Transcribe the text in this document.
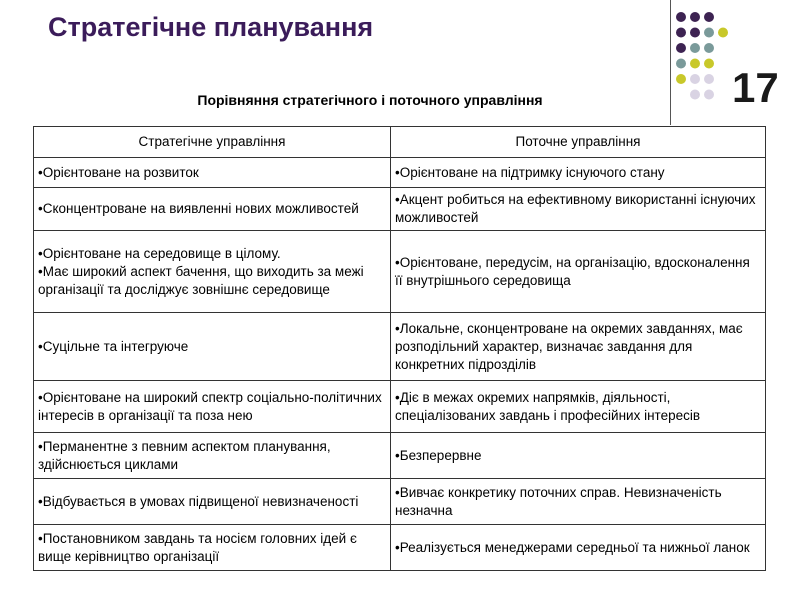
Стратегічне планування
17
Порівняння стратегічного і поточного управління
Стратегічне управління	Поточне управління

•Орієнтоване на розвиток	•Орієнтоване на підтримку існуючого стану

•Сконцентроване на виявленні нових можливостей	•Акцент робиться на ефективному використанні існуючих можливостей

•Орієнтоване на середовище в цілому.
•Має широкий аспект бачення, що виходить за межі організації та досліджує зовнішнє середовище	•Орієнтоване, передусім, на організацію, вдосконалення її внутрішнього середовища

•Суцільне та інтегруюче	•Локальне, сконцентроване на окремих завданнях, має розподільний характер, визначає завдання для конкретних підрозділів

•Орієнтоване на широкий спектр соціально-політичних інтересів в організації та поза нею	•Діє в межах окремих напрямків, діяльності, спеціалізованих завдань і професійних інтересів

•Перманентне з певним аспектом планування, здійснюється циклами	•Безперервне

•Відбувається в умовах підвищеної невизначеності	•Вивчає конкретику поточних справ. Невизначеність незначна

•Постановником завдань та носієм головних ідей є вище керівництво організації	•Реалізується менеджерами середньої та нижньої ланок
